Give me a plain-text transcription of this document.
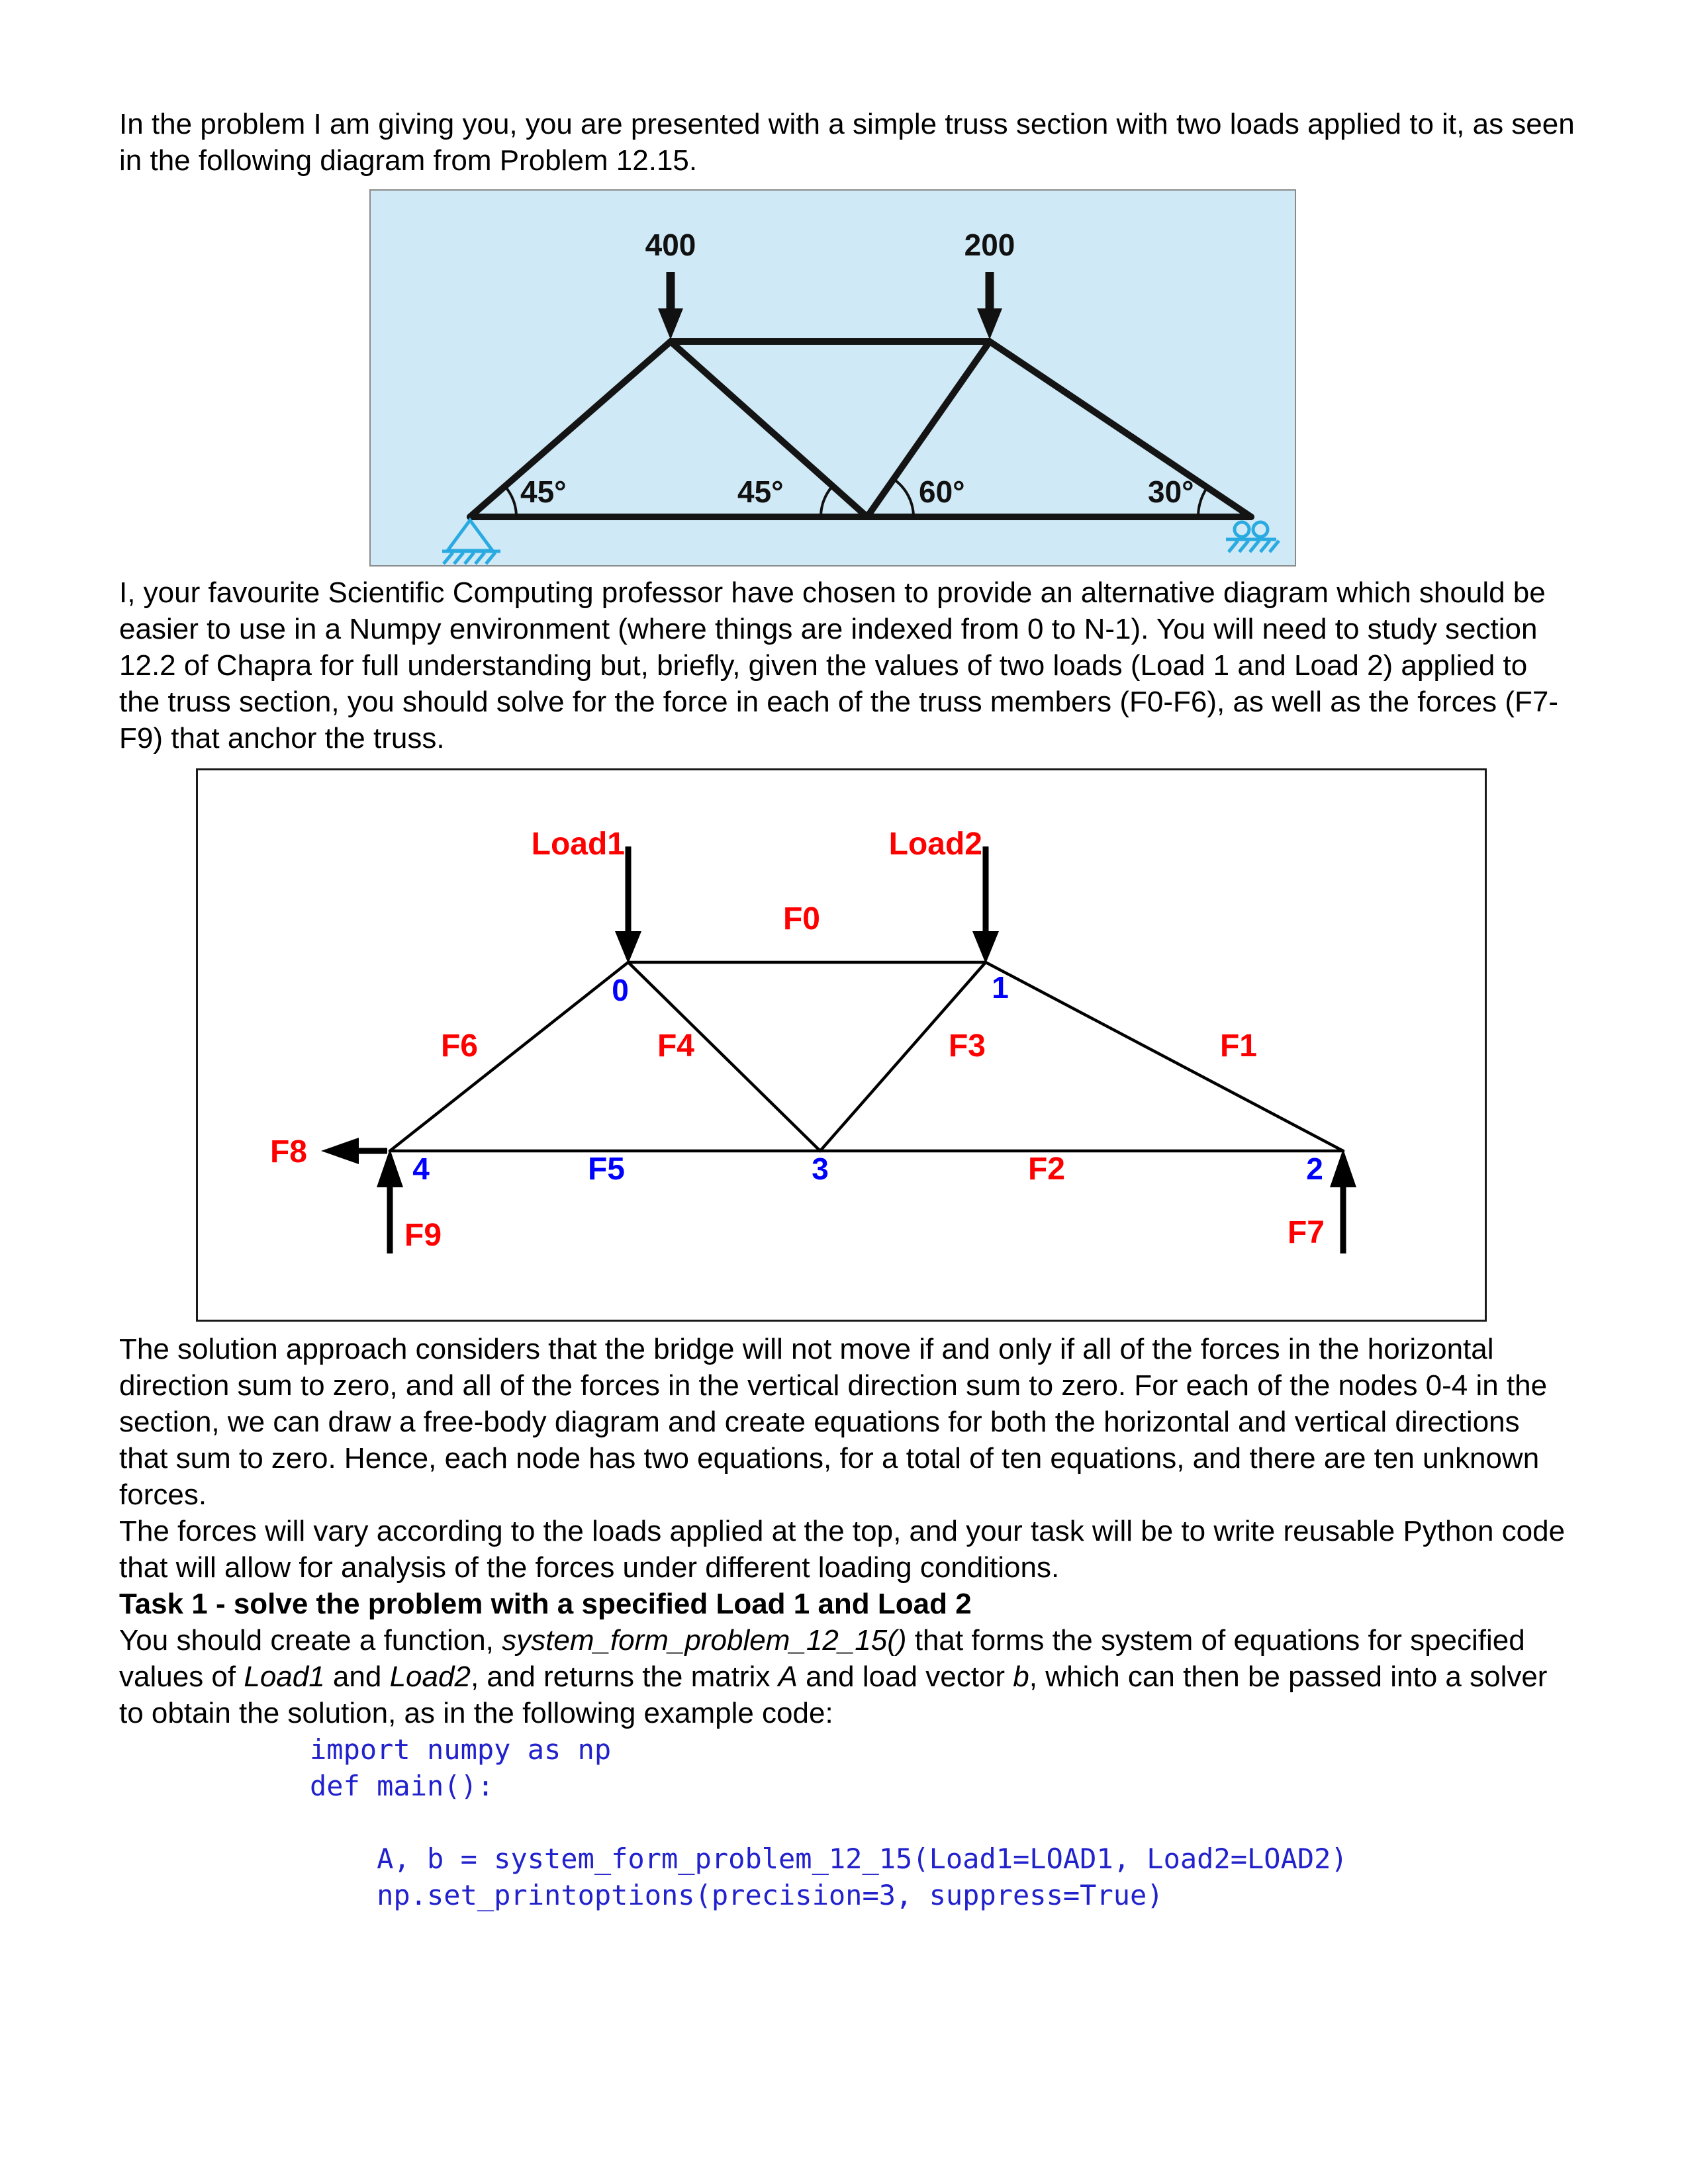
In the problem I am giving you, you are presented with a simple truss section with two loads applied to it, as seen in the following diagram from Problem 12.15.

400	200
45°	45°	60°	30°

I, your favourite Scientific Computing professor have chosen to provide an alternative diagram which should be easier to use in a Numpy environment (where things are indexed from 0 to N-1). You will need to study section 12.2 of Chapra for full understanding but, briefly, given the values of two loads (Load 1 and Load 2) applied to the truss section, you should solve for the force in each of the truss members (F0-F6), as well as the forces (F7-F9) that anchor the truss.

Load1	Load2
F0
F6	F4	F3	F1
F8	F2
F9	F7
F5
0	1
4	3	2

The solution approach considers that the bridge will not move if and only if all of the forces in the horizontal direction sum to zero, and all of the forces in the vertical direction sum to zero. For each of the nodes 0-4 in the section, we can draw a free-body diagram and create equations for both the horizontal and vertical directions that sum to zero. Hence, each node has two equations, for a total of ten equations, and there are ten unknown forces.

The forces will vary according to the loads applied at the top, and your task will be to write reusable Python code that will allow for analysis of the forces under different loading conditions.

Task 1 - solve the problem with a specified Load 1 and Load 2

You should create a function, system_form_problem_12_15() that forms the system of equations for specified values of Load1 and Load2, and returns the matrix A and load vector b, which can then be passed into a solver to obtain the solution, as in the following example code:

import numpy as np
def main():
A, b = system_form_problem_12_15(Load1=LOAD1, Load2=LOAD2)
np.set_printoptions(precision=3, suppress=True)
